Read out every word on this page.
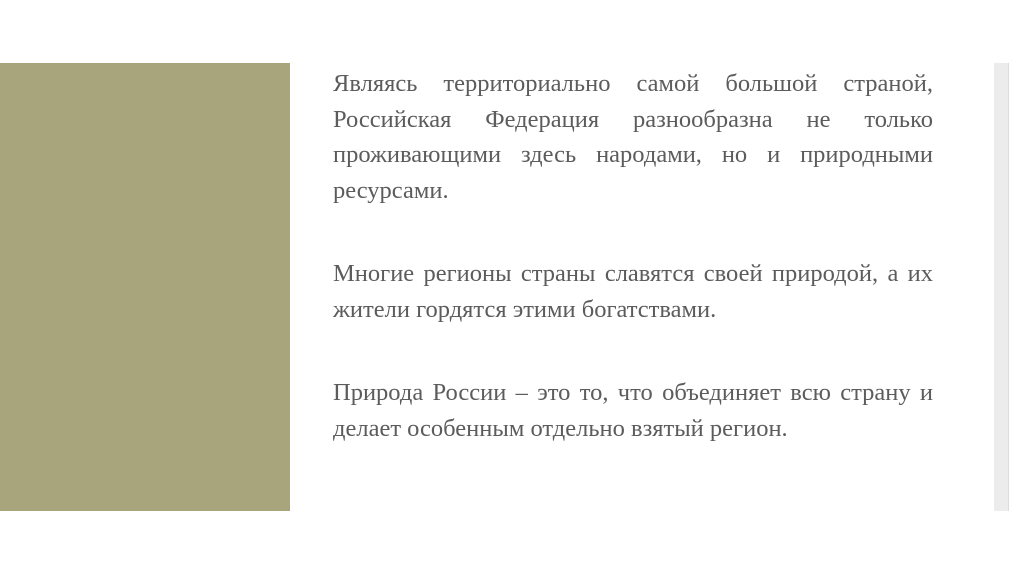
Являясь территориально самой большой страной, Российская Федерация разнообразна не только проживающими здесь народами, но и природными ресурсами.

Многие регионы страны славятся своей природой, а их жители гордятся этими богатствами.

Природа России – это то, что объединяет всю страну и делает особенным отдельно взятый регион.
